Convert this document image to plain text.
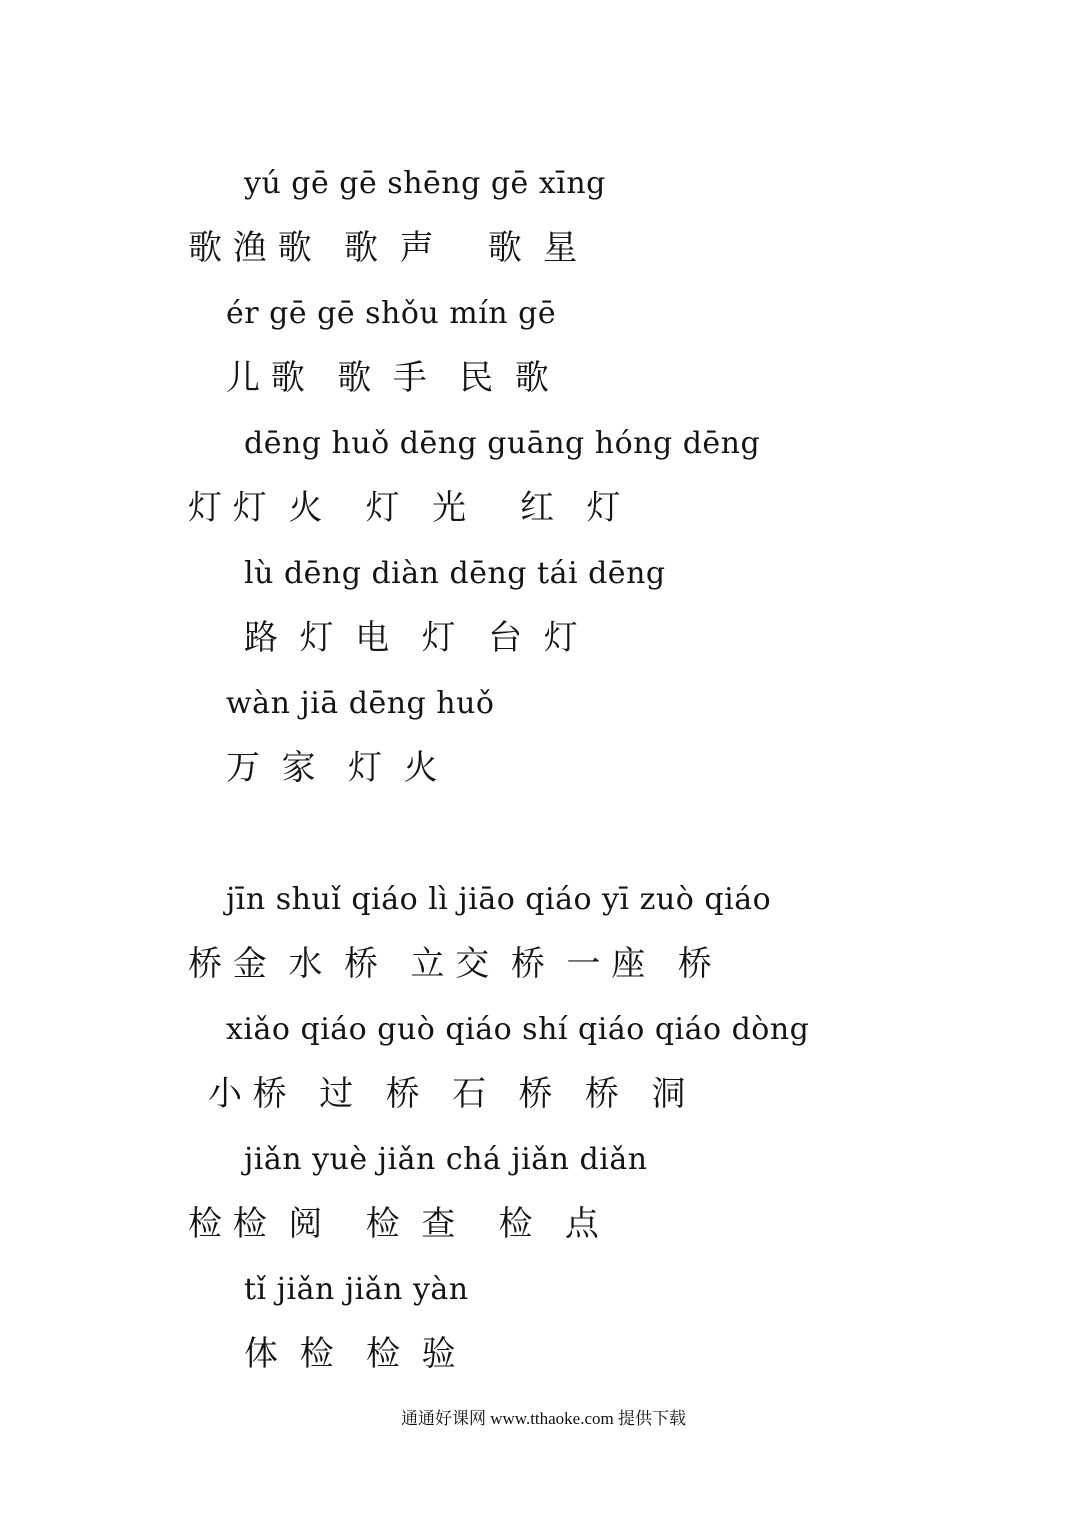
yú gē gē shēng gē xīng
歌 渔 歌   歌  声     歌  星
ér gē gē shǒu mín gē
儿 歌   歌  手   民  歌
dēng huǒ dēng guāng hóng dēng
灯 灯  火    灯   光     红   灯
lù dēng diàn dēng tái dēng
路  灯  电   灯   台  灯
wàn jiā dēng huǒ
万  家   灯  火
jīn shuǐ qiáo lì jiāo qiáo yī zuò qiáo
桥 金  水  桥   立 交  桥  一 座   桥
xiǎo qiáo guò qiáo shí qiáo qiáo dòng
小 桥   过   桥   石   桥   桥   洞
jiǎn yuè jiǎn chá jiǎn diǎn
检 检  阅    检  查    检   点
tǐ jiǎn jiǎn yàn
体  检   检  验
通通好课网 www.tthaoke.com 提供下载
